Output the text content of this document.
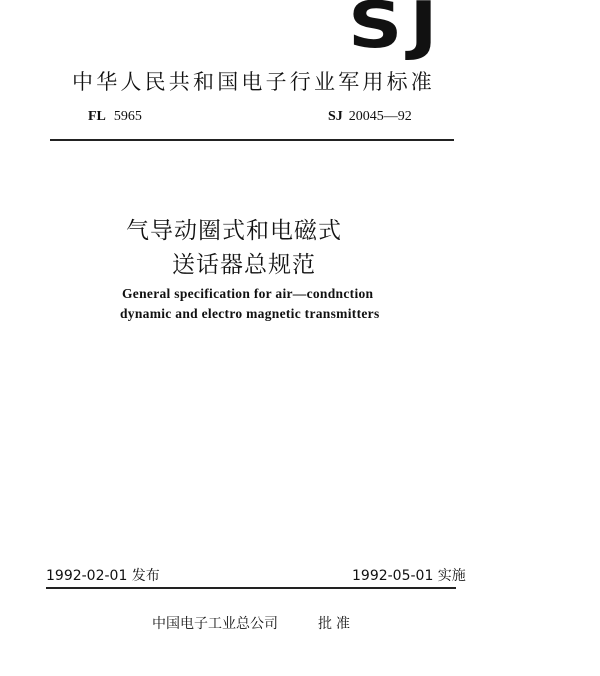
SJ
中华人民共和国电子行业军用标准
FL 5965	SJ 20045—92
气导动圈式和电磁式
送话器总规范
General specification for air—condnction
dynamic and electro magnetic transmitters
1992-02-01 发布	1992-05-01 实施
中国电子工业总公司	批准
